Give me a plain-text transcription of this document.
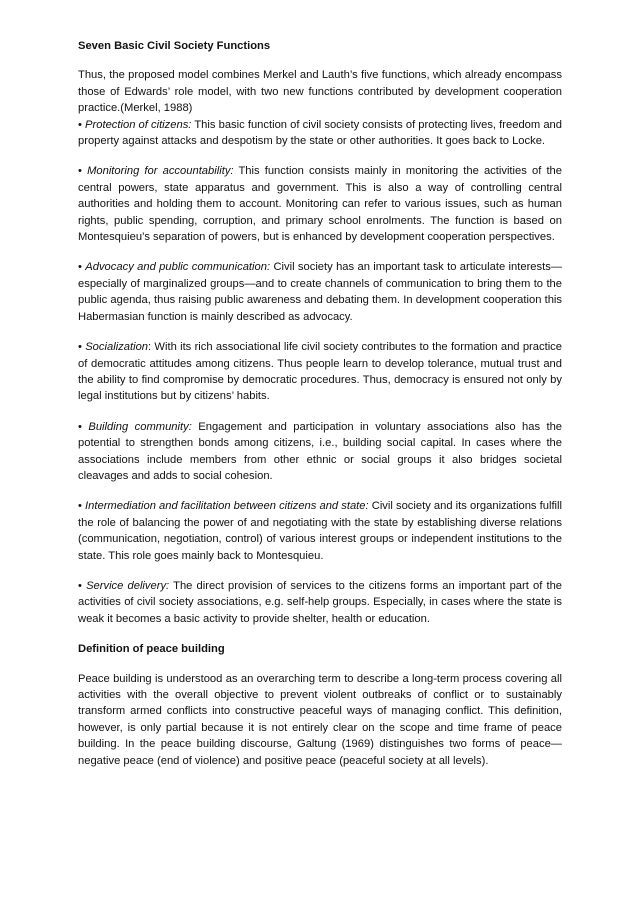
Seven Basic Civil Society Functions

Thus, the proposed model combines Merkel and Lauth’s five functions, which already encompass those of Edwards’ role model, with two new functions contributed by development cooperation practice.(Merkel, 1988)

• Protection of citizens: This basic function of civil society consists of protecting lives, freedom and property against attacks and despotism by the state or other authorities. It goes back to Locke.

• Monitoring for accountability: This function consists mainly in monitoring the activities of the central powers, state apparatus and government. This is also a way of controlling central authorities and holding them to account. Monitoring can refer to various issues, such as human rights, public spending, corruption, and primary school enrolments. The function is based on Montesquieu’s separation of powers, but is enhanced by development cooperation perspectives.

• Advocacy and public communication: Civil society has an important task to articulate interests—especially of marginalized groups—and to create channels of communication to bring them to the public agenda, thus raising public awareness and debating them. In development cooperation this Habermasian function is mainly described as advocacy.

• Socialization: With its rich associational life civil society contributes to the formation and practice of democratic attitudes among citizens. Thus people learn to develop tolerance, mutual trust and the ability to find compromise by democratic procedures. Thus, democracy is ensured not only by legal institutions but by citizens’ habits.

• Building community: Engagement and participation in voluntary associations also has the potential to strengthen bonds among citizens, i.e., building social capital. In cases where the associations include members from other ethnic or social groups it also bridges societal cleavages and adds to social cohesion.

• Intermediation and facilitation between citizens and state: Civil society and its organizations fulfill the role of balancing the power of and negotiating with the state by establishing diverse relations (communication, negotiation, control) of various interest groups or independent institutions to the state. This role goes mainly back to Montesquieu.

• Service delivery: The direct provision of services to the citizens forms an important part of the activities of civil society associations, e.g. self-help groups. Especially, in cases where the state is weak it becomes a basic activity to provide shelter, health or education.

Definition of peace building

Peace building is understood as an overarching term to describe a long-term process covering all activities with the overall objective to prevent violent outbreaks of conflict or to sustainably transform armed conflicts into constructive peaceful ways of managing conflict. This definition, however, is only partial because it is not entirely clear on the scope and time frame of peace building. In the peace building discourse, Galtung (1969) distinguishes two forms of peace—negative peace (end of violence) and positive peace (peaceful society at all levels).
